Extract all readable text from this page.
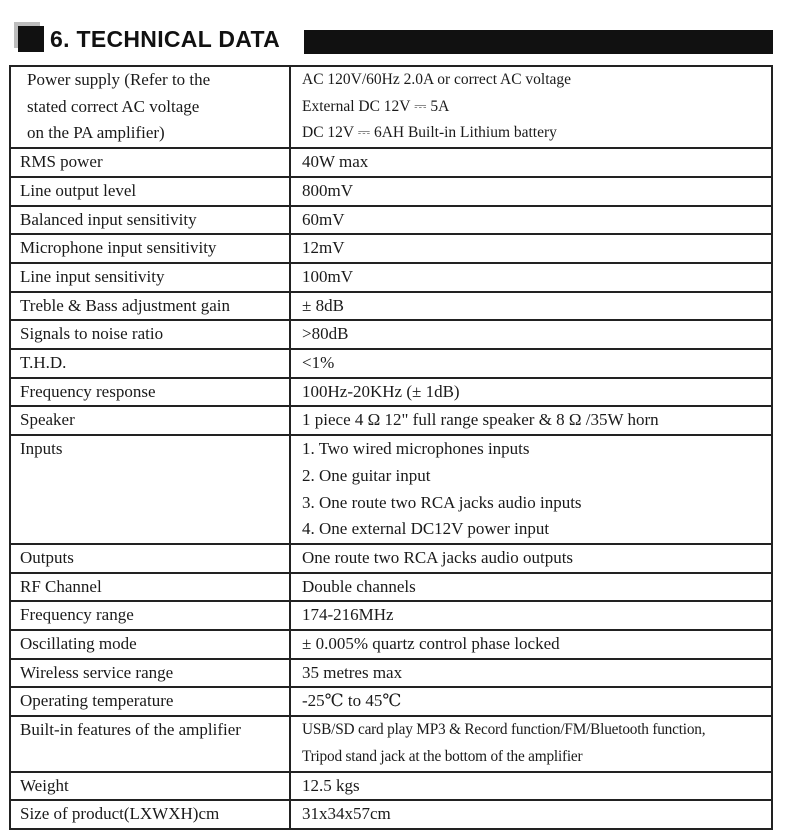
6. TECHNICAL DATA
Power supply (Refer to the
stated correct AC voltage
on the PA amplifier)	AC 120V/60Hz 2.0A or correct AC voltage
External DC 12V ⎓ 5A
DC 12V ⎓ 6AH Built-in Lithium battery

RMS power	40W max
Line output level	800mV
Balanced input sensitivity	60mV
Microphone input sensitivity	12mV
Line input sensitivity	100mV
Treble & Bass adjustment gain	± 8dB
Signals to noise ratio	>80dB
T.H.D.	<1%
Frequency response	100Hz-20KHz (± 1dB)
Speaker	1 piece 4 Ω 12" full range speaker & 8 Ω /35W horn
Inputs	1. Two wired microphones inputs
2. One guitar input
3. One route two RCA jacks audio inputs
4. One external DC12V power input

Outputs	One route two RCA jacks audio outputs
RF Channel	Double channels
Frequency range	174-216MHz
Oscillating mode	± 0.005% quartz control phase locked
Wireless service range	35 metres max
Operating temperature	-25℃ to 45℃
Built-in features of the amplifier	USB/SD card play MP3 & Record function/FM/Bluetooth function,
Tripod stand jack at the bottom of the amplifier

Weight	12.5 kgs
Size of product(LXWXH)cm	31x34x57cm
